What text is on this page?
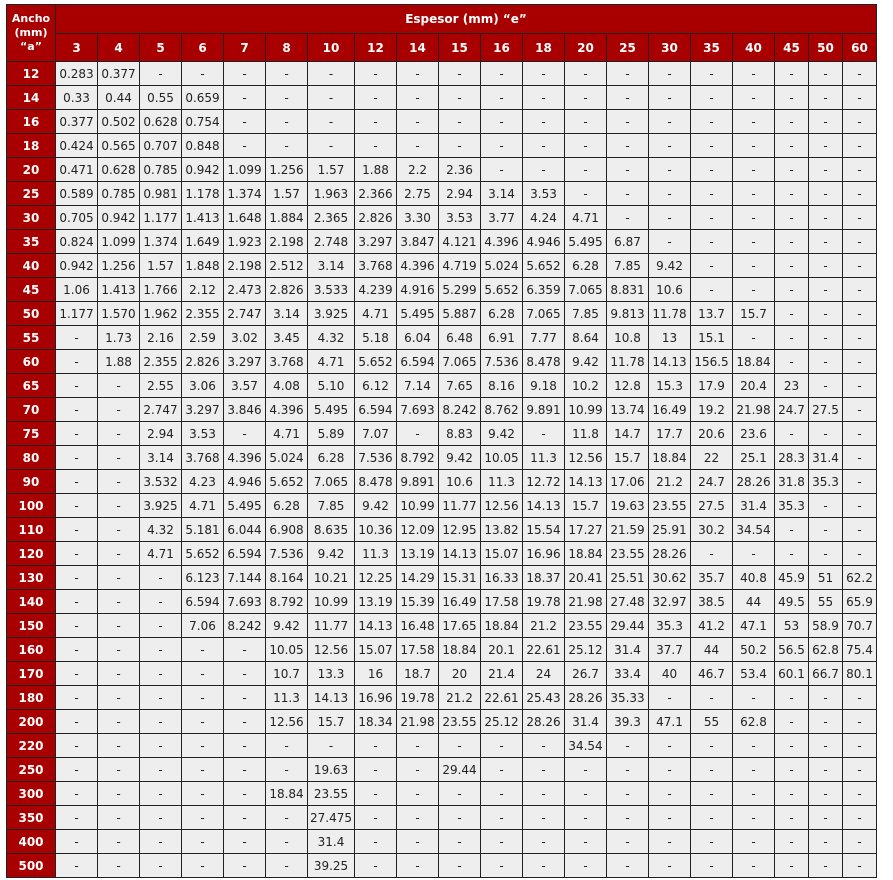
Ancho
(mm)
“a”	Espesor (mm) “e”																			
	3	4	5	6	7	8	10	12	14	15	16	18	20	25	30	35	40	45	50	60
12	0.283	0.377	-	-	-	-	-	-	-	-	-	-	-	-	-	-	-	-	-	-
14	0.33	0.44	0.55	0.659	-	-	-	-	-	-	-	-	-	-	-	-	-	-	-	-
16	0.377	0.502	0.628	0.754	-	-	-	-	-	-	-	-	-	-	-	-	-	-	-	-
18	0.424	0.565	0.707	0.848	-	-	-	-	-	-	-	-	-	-	-	-	-	-	-	-
20	0.471	0.628	0.785	0.942	1.099	1.256	1.57	1.88	2.2	2.36	-	-	-	-	-	-	-	-	-	-
25	0.589	0.785	0.981	1.178	1.374	1.57	1.963	2.366	2.75	2.94	3.14	3.53	-	-	-	-	-	-	-	-
30	0.705	0.942	1.177	1.413	1.648	1.884	2.365	2.826	3.30	3.53	3.77	4.24	4.71	-	-	-	-	-	-	-
35	0.824	1.099	1.374	1.649	1.923	2.198	2.748	3.297	3.847	4.121	4.396	4.946	5.495	6.87	-	-	-	-	-	-
40	0.942	1.256	1.57	1.848	2.198	2.512	3.14	3.768	4.396	4.719	5.024	5.652	6.28	7.85	9.42	-	-	-	-	-
45	1.06	1.413	1.766	2.12	2.473	2.826	3.533	4.239	4.916	5.299	5.652	6.359	7.065	8.831	10.6	-	-	-	-	-
50	1.177	1.570	1.962	2.355	2.747	3.14	3.925	4.71	5.495	5.887	6.28	7.065	7.85	9.813	11.78	13.7	15.7	-	-	-
55	-	1.73	2.16	2.59	3.02	3.45	4.32	5.18	6.04	6.48	6.91	7.77	8.64	10.8	13	15.1	-	-	-	-
60	-	1.88	2.355	2.826	3.297	3.768	4.71	5.652	6.594	7.065	7.536	8.478	9.42	11.78	14.13	156.5	18.84	-	-	-
65	-	-	2.55	3.06	3.57	4.08	5.10	6.12	7.14	7.65	8.16	9.18	10.2	12.8	15.3	17.9	20.4	23	-	-
70	-	-	2.747	3.297	3.846	4.396	5.495	6.594	7.693	8.242	8.762	9.891	10.99	13.74	16.49	19.2	21.98	24.7	27.5	-
75	-	-	2.94	3.53	-	4.71	5.89	7.07	-	8.83	9.42	-	11.8	14.7	17.7	20.6	23.6	-	-	-
80	-	-	3.14	3.768	4.396	5.024	6.28	7.536	8.792	9.42	10.05	11.3	12.56	15.7	18.84	22	25.1	28.3	31.4	-
90	-	-	3.532	4.23	4.946	5.652	7.065	8.478	9.891	10.6	11.3	12.72	14.13	17.06	21.2	24.7	28.26	31.8	35.3	-
100	-	-	3.925	4.71	5.495	6.28	7.85	9.42	10.99	11.77	12.56	14.13	15.7	19.63	23.55	27.5	31.4	35.3	-	-
110	-	-	4.32	5.181	6.044	6.908	8.635	10.36	12.09	12.95	13.82	15.54	17.27	21.59	25.91	30.2	34.54	-	-	-
120	-	-	4.71	5.652	6.594	7.536	9.42	11.3	13.19	14.13	15.07	16.96	18.84	23.55	28.26	-	-	-	-	-
130	-	-	-	6.123	7.144	8.164	10.21	12.25	14.29	15.31	16.33	18.37	20.41	25.51	30.62	35.7	40.8	45.9	51	62.2
140	-	-	-	6.594	7.693	8.792	10.99	13.19	15.39	16.49	17.58	19.78	21.98	27.48	32.97	38.5	44	49.5	55	65.9
150	-	-	-	7.06	8.242	9.42	11.77	14.13	16.48	17.65	18.84	21.2	23.55	29.44	35.3	41.2	47.1	53	58.9	70.7
160	-	-	-	-	-	10.05	12.56	15.07	17.58	18.84	20.1	22.61	25.12	31.4	37.7	44	50.2	56.5	62.8	75.4
170	-	-	-	-	-	10.7	13.3	16	18.7	20	21.4	24	26.7	33.4	40	46.7	53.4	60.1	66.7	80.1
180	-	-	-	-	-	11.3	14.13	16.96	19.78	21.2	22.61	25.43	28.26	35.33	-	-	-	-	-	-
200	-	-	-	-	-	12.56	15.7	18.34	21.98	23.55	25.12	28.26	31.4	39.3	47.1	55	62.8	-	-	-
220	-	-	-	-	-	-	-	-	-	-	-	-	34.54	-	-	-	-	-	-	-
250	-	-	-	-	-	-	19.63	-	-	29.44	-	-	-	-	-	-	-	-	-	-
300	-	-	-	-	-	18.84	23.55	-	-	-	-	-	-	-	-	-	-	-	-	-
350	-	-	-	-	-	-	27.475	-	-	-	-	-	-	-	-	-	-	-	-	-
400	-	-	-	-	-	-	31.4	-	-	-	-	-	-	-	-	-	-	-	-	-
500	-	-	-	-	-	-	39.25	-	-	-	-	-	-	-	-	-	-	-	-	-
